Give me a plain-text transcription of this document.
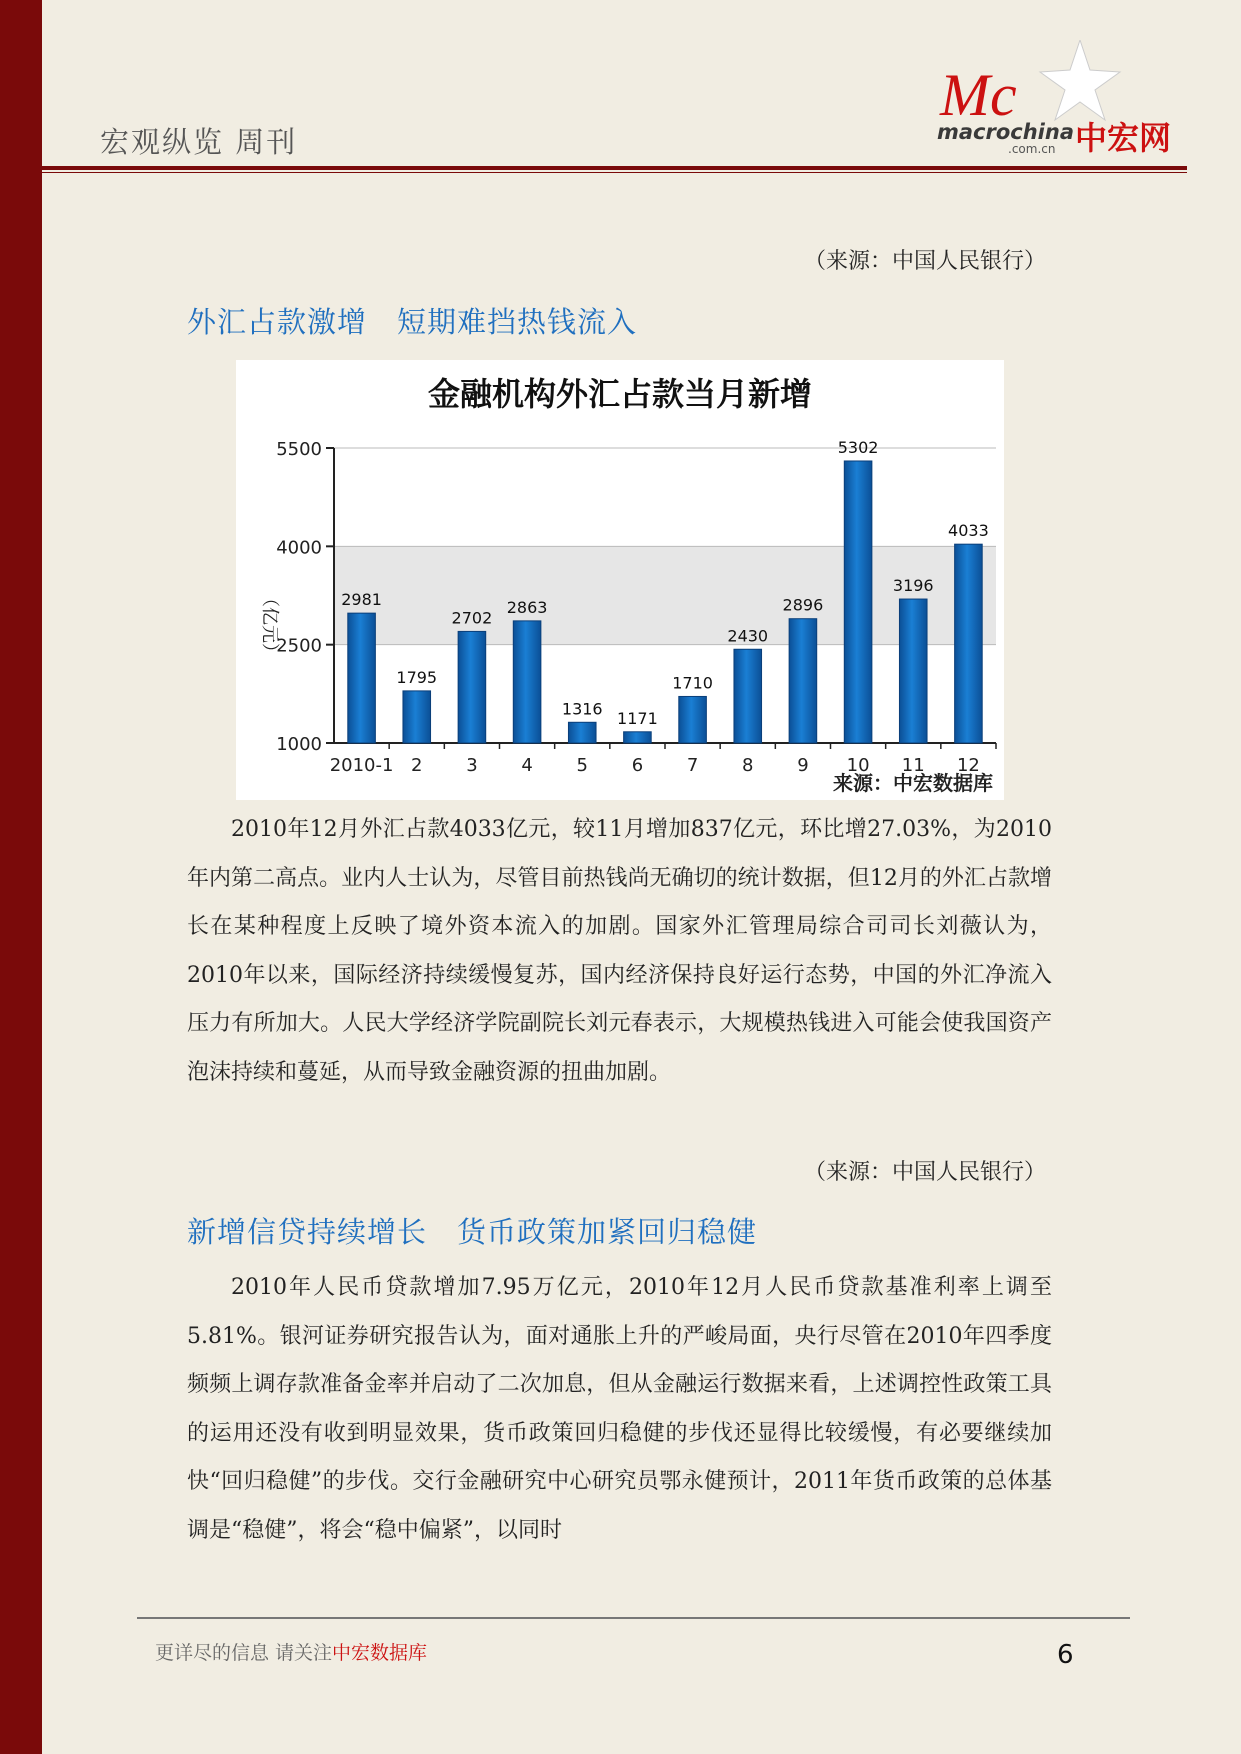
宏观纵览 周刊
Mc
macrochina 中宏网
.com.cn
（来源：中国人民银行）
外汇占款激增 短期难挡热钱流入
1000
2500
4000
5500
2981
2010-1
1795
2
2702
3
2863
4
1316
5
1171
6
1710
7
2430
8
2896
9
5302
10
3196
11
4033
12
金融机构外汇占款当月新增
（亿元）
来源：中宏数据库

2010年12月外汇占款4033亿元，较11月增加837亿元，环比增27.03%，为2010年内第二高点。业内人士认为，尽管目前热钱尚无确切的统计数据，但12月的外汇占款增长在某种程度上反映了境外资本流入的加剧。国家外汇管理局综合司司长刘薇认为，2010年以来，国际经济持续缓慢复苏，国内经济保持良好运行态势，中国的外汇净流入压力有所加大。人民大学经济学院副院长刘元春表示，大规模热钱进入可能会使我国资产泡沫持续和蔓延，从而导致金融资源的扭曲加剧。

（来源：中国人民银行）
新增信贷持续增长 货币政策加紧回归稳健

2010年人民币贷款增加7.95万亿元，2010年12月人民币贷款基准利率上调至5.81%。银河证券研究报告认为，面对通胀上升的严峻局面，央行尽管在2010年四季度频频上调存款准备金率并启动了二次加息，但从金融运行数据来看，上述调控性政策工具的运用还没有收到明显效果，货币政策回归稳健的步伐还显得比较缓慢，有必要继续加快“回归稳健”的步伐。交行金融研究中心研究员鄂永健预计，2011年货币政策的总体基调是“稳健”，将会“稳中偏紧”，以同时

更详尽的信息 请关注中宏数据库	6
